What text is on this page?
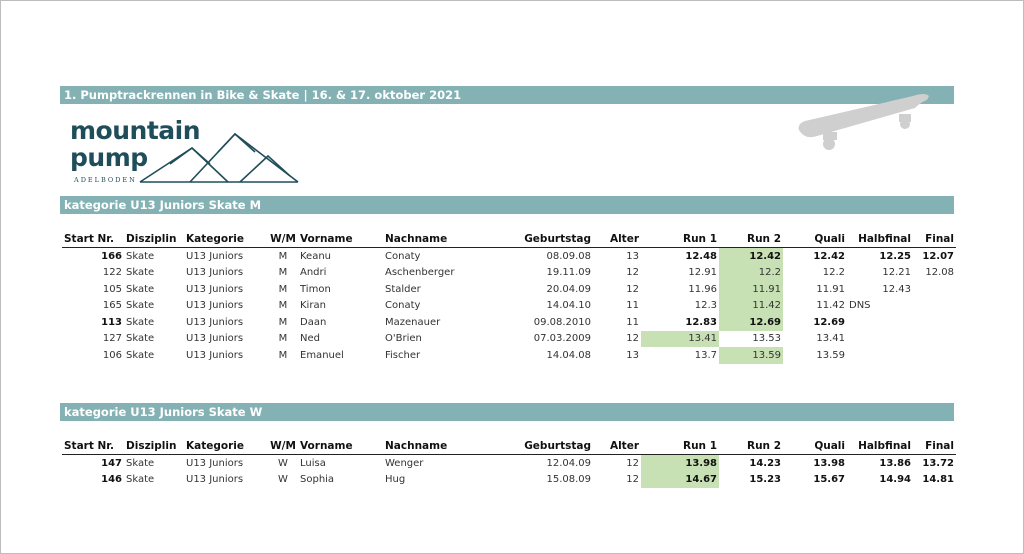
1. Pumptrackrennen in Bike & Skate | 16. & 17. oktober 2021
mountain
pump
ADELBODEN
kategorie U13 Juniors Skate M
Start Nr.	Disziplin	Kategorie	W/M	Vorname	Nachname	Geburtstag	Alter	Run 1	Run 2	Quali	Halbfinal	Final
166	Skate	U13 Juniors	M	Keanu	Conaty	08.09.08	13	12.48	12.42	12.42	12.25	12.07
122	Skate	U13 Juniors	M	Andri	Aschenberger	19.11.09	12	12.91	12.2	12.2	12.21	12.08
105	Skate	U13 Juniors	M	Timon	Stalder	20.04.09	12	11.96	11.91	11.91	12.43	
165	Skate	U13 Juniors	M	Kiran	Conaty	14.04.10	11	12.3	11.42	11.42	DNS	
113	Skate	U13 Juniors	M	Daan	Mazenauer	09.08.2010	11	12.83	12.69	12.69		
127	Skate	U13 Juniors	M	Ned	O'Brien	07.03.2009	12	13.41	13.53	13.41		
106	Skate	U13 Juniors	M	Emanuel	Fischer	14.04.08	13	13.7	13.59	13.59		
kategorie U13 Juniors Skate W
Start Nr.	Disziplin	Kategorie	W/M	Vorname	Nachname	Geburtstag	Alter	Run 1	Run 2	Quali	Halbfinal	Final
147	Skate	U13 Juniors	W	Luisa	Wenger	12.04.09	12	13.98	14.23	13.98	13.86	13.72
146	Skate	U13 Juniors	W	Sophia	Hug	15.08.09	12	14.67	15.23	15.67	14.94	14.81
